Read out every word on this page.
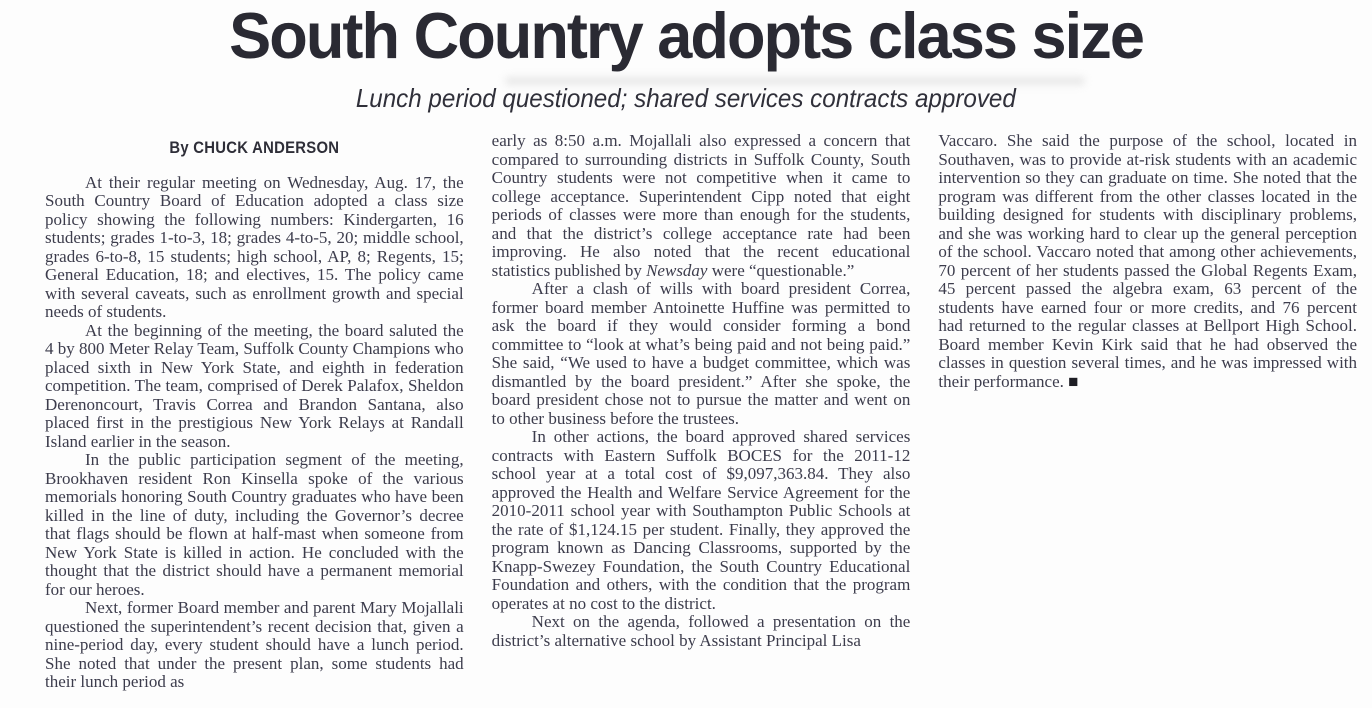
South Country adopts class size
Lunch period questioned; shared services contracts approved
By CHUCK ANDERSON

At their regular meeting on Wednesday, Aug. 17, the South Country Board of Education adopted a class size policy showing the following numbers: Kindergarten, 16 students; grades 1-to-3, 18; grades 4-to-5, 20; middle school, grades 6-to-8, 15 students; high school, AP, 8; Regents, 15; General Education, 18; and electives, 15. The policy came with several caveats, such as enrollment growth and special needs of students.

At the beginning of the meeting, the board saluted the 4 by 800 Meter Relay Team, Suffolk County Champions who placed sixth in New York State, and eighth in federation competition. The team, comprised of Derek Palafox, Sheldon Derenoncourt, Travis Correa and Brandon Santana, also placed first in the prestigious New York Relays at Randall Island earlier in the season.

In the public participation segment of the meeting, Brookhaven resident Ron Kinsella spoke of the various memorials honoring South Country graduates who have been killed in the line of duty, including the Governor’s decree that flags should be flown at half-mast when someone from New York State is killed in action. He concluded with the thought that the district should have a permanent memorial for our heroes.

Next, former Board member and parent Mary Mojallali questioned the superintendent’s recent decision that, given a nine-period day, every student should have a lunch period. She noted that under the present plan, some students had their lunch period as

early as 8:50 a.m. Mojallali also expressed a concern that compared to surrounding districts in Suffolk County, South Country students were not competitive when it came to college acceptance. Superintendent Cipp noted that eight periods of classes were more than enough for the students, and that the district’s college acceptance rate had been improving. He also noted that the recent educational statistics published by Newsday were “questionable.”

After a clash of wills with board president Correa, former board member Antoinette Huffine was permitted to ask the board if they would consider forming a bond committee to “look at what’s being paid and not being paid.” She said, “We used to have a budget committee, which was dismantled by the board president.” After she spoke, the board president chose not to pursue the matter and went on to other business before the trustees.

In other actions, the board approved shared services contracts with Eastern Suffolk BOCES for the 2011-12 school year at a total cost of $9,097,363.84. They also approved the Health and Welfare Service Agreement for the 2010-2011 school year with Southampton Public Schools at the rate of $1,124.15 per student. Finally, they approved the program known as Dancing Classrooms, supported by the Knapp-Swezey Foundation, the South Country Educational Foundation and others, with the condition that the program operates at no cost to the district.

Next on the agenda, followed a presentation on the district’s alternative school by Assistant Principal Lisa

Vaccaro. She said the purpose of the school, located in Southaven, was to provide at-risk students with an academic intervention so they can graduate on time. She noted that the program was different from the other classes located in the building designed for students with disciplinary problems, and she was working hard to clear up the general perception of the school. Vaccaro noted that among other achievements, 70 percent of her students passed the Global Regents Exam, 45 percent passed the algebra exam, 63 percent of the students have earned four or more credits, and 76 percent had returned to the regular classes at Bellport High School. Board member Kevin Kirk said that he had observed the classes in question several times, and he was impressed with their performance. ■
